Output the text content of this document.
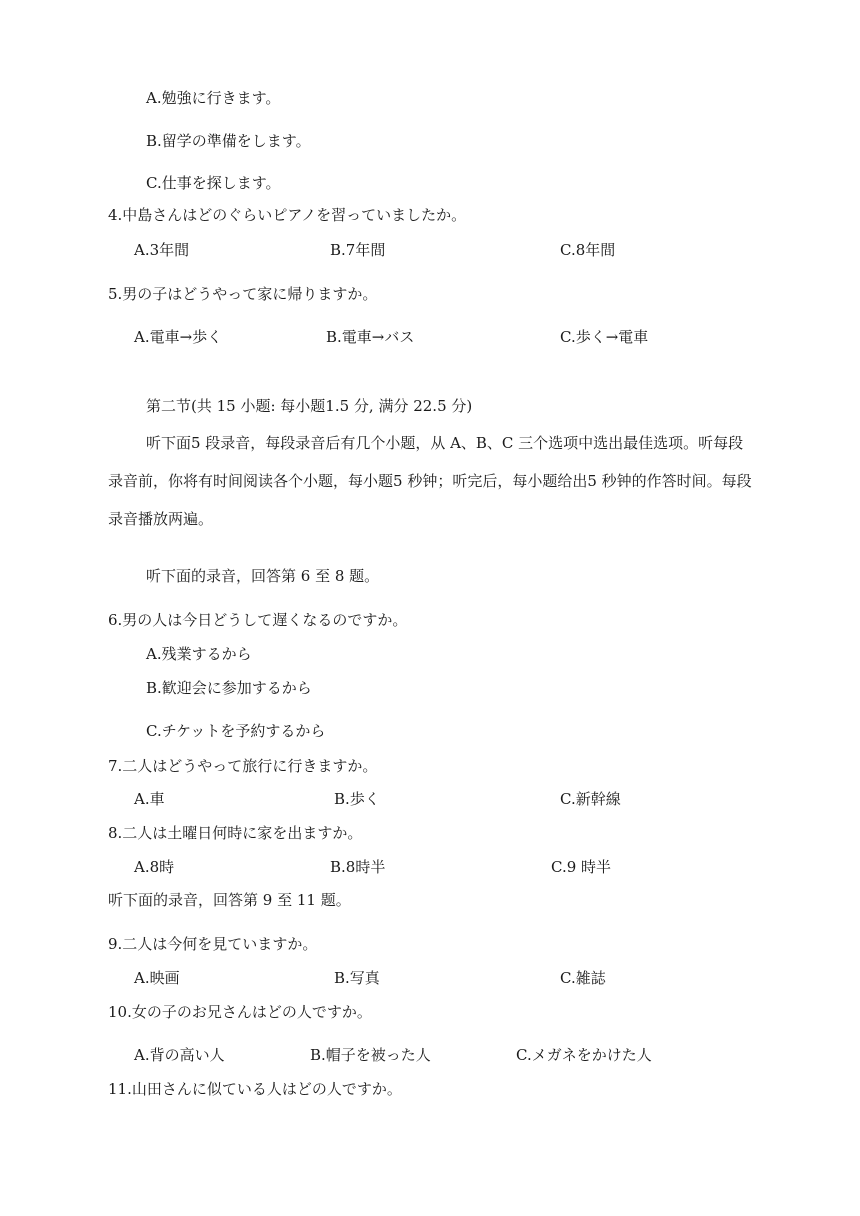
A.勉強に行きます。
B.留学の準備をします。
C.仕事を探します。
4.中島さんはどのぐらいピアノを習っていましたか。
A.3年間	B.7年間	C.8年間
5.男の子はどうやって家に帰りますか。
A.電車→歩く	B.電車→バス	C.歩く→電車
第二节(共 15 小题: 每小题1.5 分, 满分 22.5 分)
听下面5 段录音，每段录音后有几个小题，从 A、B、C 三个选项中选出最佳选项。听每段录音前，你将有时间阅读各个小题，每小题5 秒钟；听完后，每小题给出5 秒钟的作答时间。每段录音播放两遍。
听下面的录音，回答第 6 至 8 题。
6.男の人は今日どうして遅くなるのですか。
A.残業するから
B.歓迎会に参加するから
C.チケットを予約するから
7.二人はどうやって旅行に行きますか。
A.車	B.歩く	C.新幹線
8.二人は土曜日何時に家を出ますか。
A.8時	B.8時半	C.9 時半
听下面的录音，回答第 9 至 11 题。
9.二人は今何を見ていますか。
A.映画	B.写真	C.雑誌
10.女の子のお兄さんはどの人ですか。
A.背の高い人	B.帽子を被った人	C.メガネをかけた人
11.山田さんに似ている人はどの人ですか。
